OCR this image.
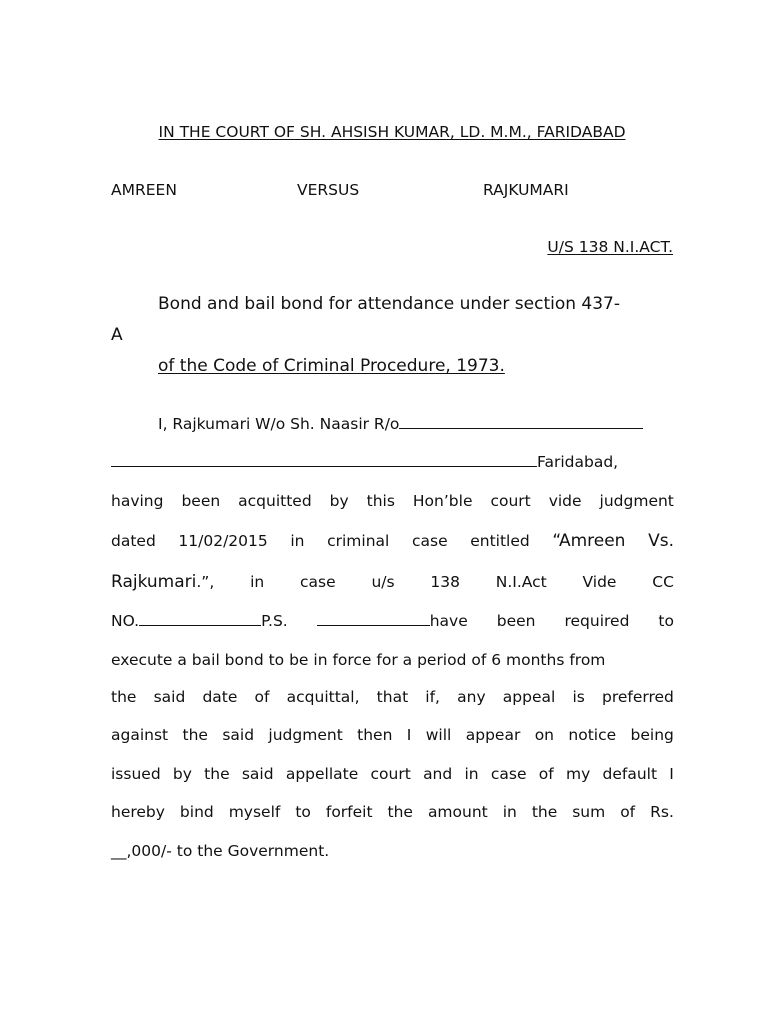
IN THE COURT OF SH. AHSISH KUMAR, LD. M.M., FARIDABAD
AMREEN	VERSUS	RAJKUMARI
U/S 138 N.I.ACT.
Bond and bail bond for attendance under section 437-
A
of the Code of Criminal Procedure, 1973.
I, Rajkumari W/o Sh. Naasir R/o
Faridabad,
having been acquitted by this Hon’ble court vide judgment
dated 11/02/2015 in criminal case entitled “Amreen Vs.
Rajkumari.”, in case u/s 138 N.I.Act Vide CC
NO.	P.S.	have been required to
execute a bail bond to be in force for a period of 6 months from
the said date of acquittal, that if, any appeal is preferred
against the said judgment then I will appear on notice being
issued by the said appellate court and in case of my default I
hereby bind myself to forfeit the amount in the sum of Rs.
__,000/- to the Government.
